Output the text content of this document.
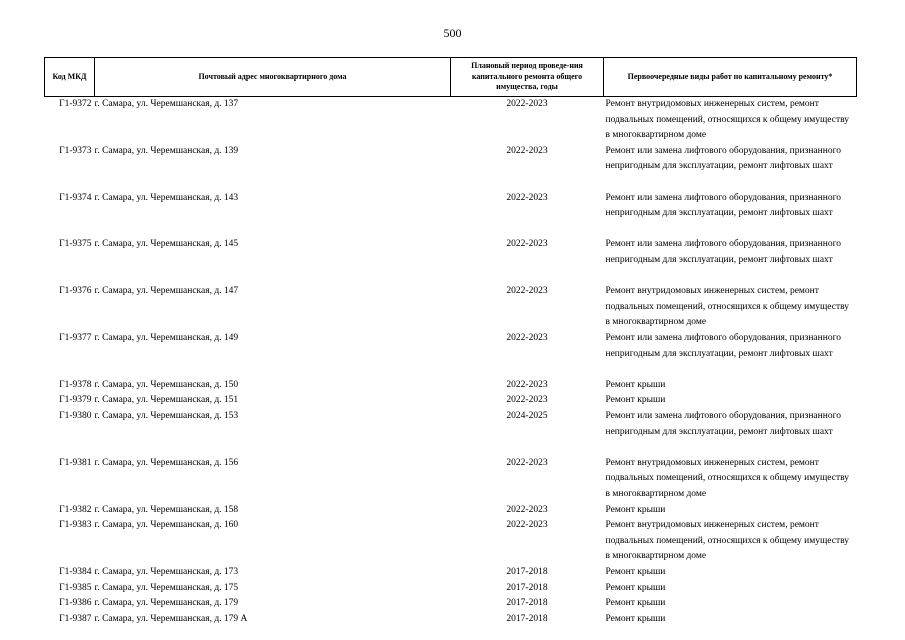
500
Код МКД	Почтовый адрес многоквартирного дома	Плановый период проведе-ния капитального ремонта общего имущества, годы	Первоочередные виды работ по капитальному ремонту*
Г1-9372	г. Самара, ул. Черемшанская, д. 137	2022-2023	Ремонт внутридомовых инженерных систем, ремонт подвальных помещений, относящихся к общему имуществу в многоквартирном доме
Г1-9373	г. Самара, ул. Черемшанская, д. 139	2022-2023	Ремонт или замена лифтового оборудования, признанного непригодным для эксплуатации, ремонт лифтовых шахт
Г1-9374	г. Самара, ул. Черемшанская, д. 143	2022-2023	Ремонт или замена лифтового оборудования, признанного непригодным для эксплуатации, ремонт лифтовых шахт
Г1-9375	г. Самара, ул. Черемшанская, д. 145	2022-2023	Ремонт или замена лифтового оборудования, признанного непригодным для эксплуатации, ремонт лифтовых шахт
Г1-9376	г. Самара, ул. Черемшанская, д. 147	2022-2023	Ремонт внутридомовых инженерных систем, ремонт подвальных помещений, относящихся к общему имуществу в многоквартирном доме
Г1-9377	г. Самара, ул. Черемшанская, д. 149	2022-2023	Ремонт или замена лифтового оборудования, признанного непригодным для эксплуатации, ремонт лифтовых шахт
Г1-9378	г. Самара, ул. Черемшанская, д. 150	2022-2023	Ремонт крыши
Г1-9379	г. Самара, ул. Черемшанская, д. 151	2022-2023	Ремонт крыши
Г1-9380	г. Самара, ул. Черемшанская, д. 153	2024-2025	Ремонт или замена лифтового оборудования, признанного непригодным для эксплуатации, ремонт лифтовых шахт
Г1-9381	г. Самара, ул. Черемшанская, д. 156	2022-2023	Ремонт внутридомовых инженерных систем, ремонт подвальных помещений, относящихся к общему имуществу в многоквартирном доме
Г1-9382	г. Самара, ул. Черемшанская, д. 158	2022-2023	Ремонт крыши
Г1-9383	г. Самара, ул. Черемшанская, д. 160	2022-2023	Ремонт внутридомовых инженерных систем, ремонт подвальных помещений, относящихся к общему имуществу в многоквартирном доме
Г1-9384	г. Самара, ул. Черемшанская, д. 173	2017-2018	Ремонт крыши
Г1-9385	г. Самара, ул. Черемшанская, д. 175	2017-2018	Ремонт крыши
Г1-9386	г. Самара, ул. Черемшанская, д. 179	2017-2018	Ремонт крыши
Г1-9387	г. Самара, ул. Черемшанская, д. 179 А	2017-2018	Ремонт крыши
